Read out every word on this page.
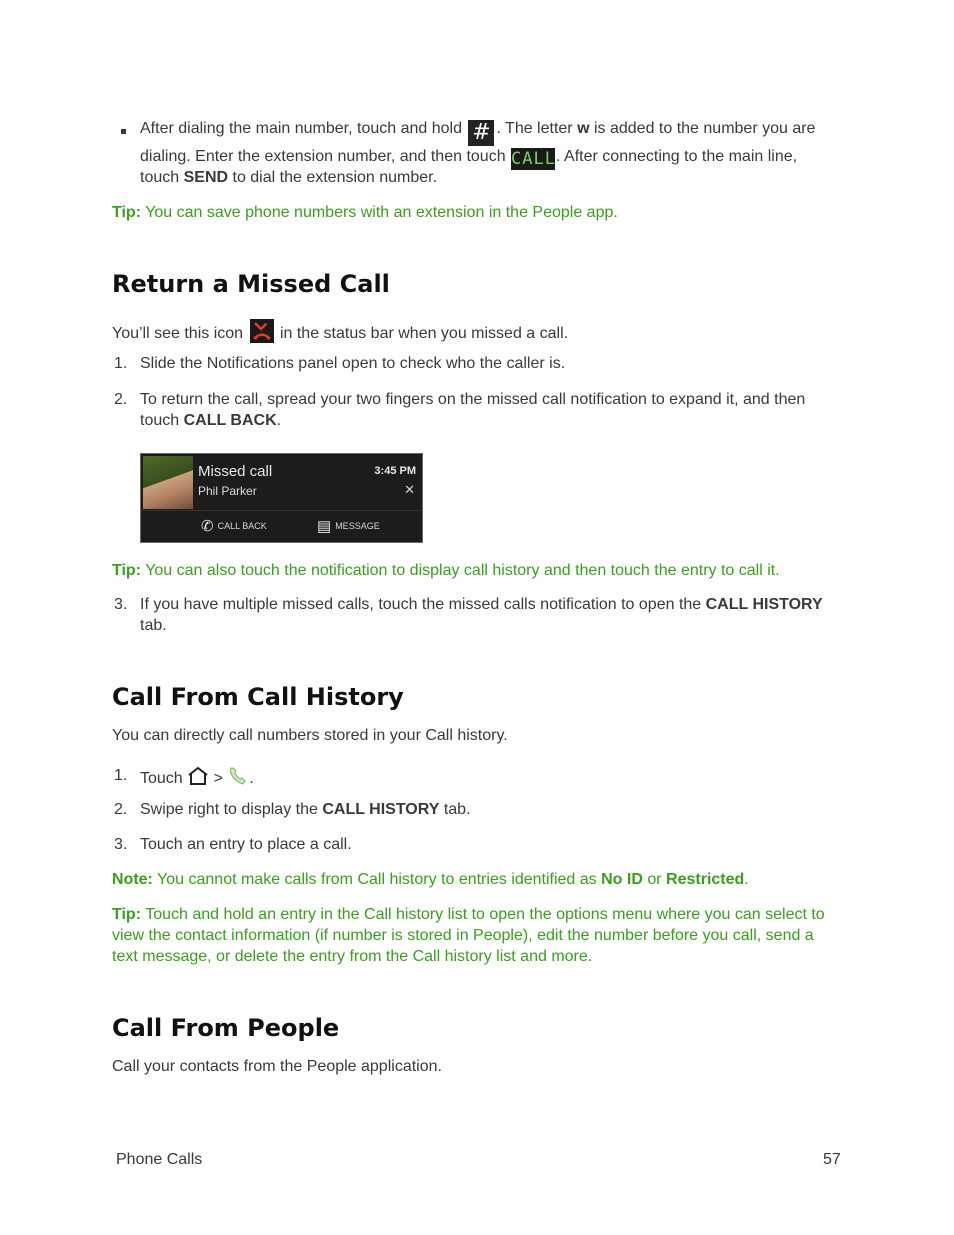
After dialing the main number, touch and hold # . The letter w is added to the number you are
dialing. Enter the extension number, and then touch CALL. After connecting to the main line,
touch SEND to dial the extension number.
Tip: You can save phone numbers with an extension in the People app.
Return a Missed Call
You’ll see this icon  in the status bar when you missed a call.
1. Slide the Notifications panel open to check who the caller is.
2. To return the call, spread your two fingers on the missed call notification to expand it, and then
touch CALL BACK.
Missed call
Phil Parker
3:45 PM
✕
✆ CALL BACK	▤ MESSAGE
Tip: You can also touch the notification to display call history and then touch the entry to call it.
3. If you have multiple missed calls, touch the missed calls notification to open the CALL HISTORY
tab.
Call From Call History
You can directly call numbers stored in your Call history.
1. Touch  > .
2. Swipe right to display the CALL HISTORY tab.
3. Touch an entry to place a call.
Note: You cannot make calls from Call history to entries identified as No ID or Restricted.
Tip: Touch and hold an entry in the Call history list to open the options menu where you can select to
view the contact information (if number is stored in People), edit the number before you call, send a
text message, or delete the entry from the Call history list and more.
Call From People
Call your contacts from the People application.
Phone Calls	57
